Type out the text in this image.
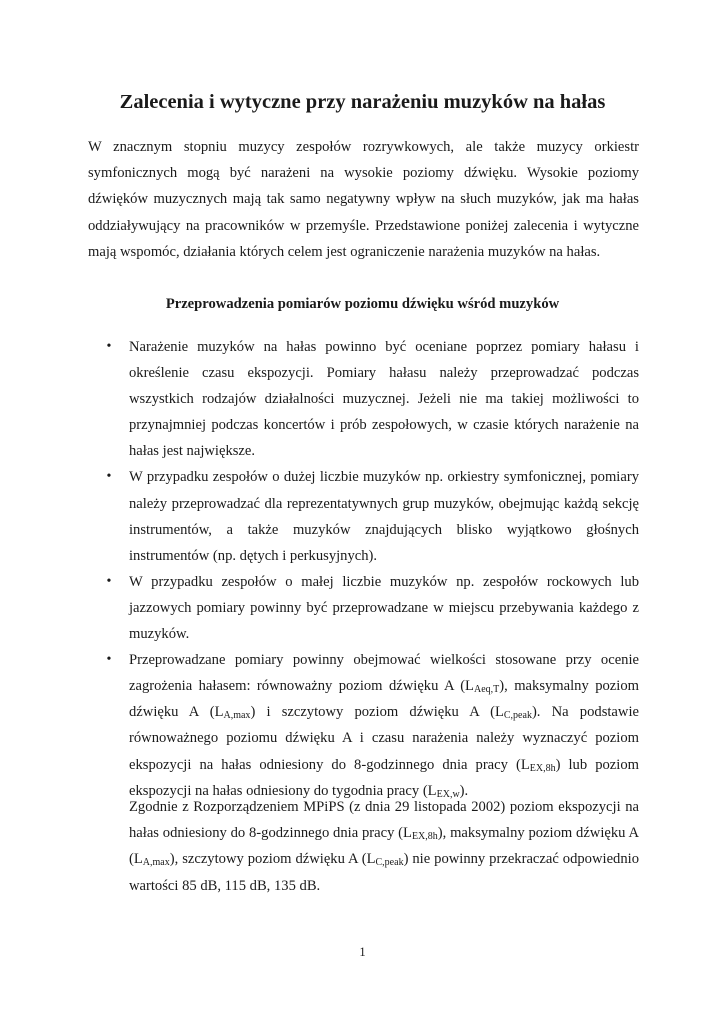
Zalecenia i wytyczne przy narażeniu muzyków na hałas

W znacznym stopniu muzycy zespołów rozrywkowych, ale także muzycy orkiestr symfonicznych mogą być narażeni na wysokie poziomy dźwięku. Wysokie poziomy dźwięków muzycznych mają tak samo negatywny wpływ na słuch muzyków, jak ma hałas oddziaływujący na pracowników w przemyśle. Przedstawione poniżej zalecenia i wytyczne mają wspomóc, działania których celem jest ograniczenie narażenia muzyków na hałas.

Przeprowadzenia pomiarów poziomu dźwięku wśród muzyków
• Narażenie muzyków na hałas powinno być oceniane poprzez pomiary hałasu i określenie czasu ekspozycji. Pomiary hałasu należy przeprowadzać podczas wszystkich rodzajów działalności muzycznej. Jeżeli nie ma takiej możliwości to przynajmniej podczas koncertów i prób zespołowych, w czasie których narażenie na hałas jest największe.
• W przypadku zespołów o dużej liczbie muzyków np. orkiestry symfonicznej, pomiary należy przeprowadzać dla reprezentatywnych grup muzyków, obejmując każdą sekcję instrumentów, a także muzyków znajdujących blisko wyjątkowo głośnych instrumentów (np. dętych i perkusyjnych).
• W przypadku zespołów o małej liczbie muzyków np. zespołów rockowych lub jazzowych pomiary powinny być przeprowadzane w miejscu przebywania każdego z muzyków.
• Przeprowadzane pomiary powinny obejmować wielkości stosowane przy ocenie zagrożenia hałasem: równoważny poziom dźwięku A $(L_{Aeq,T})$, maksymalny poziom dźwięku A $(L_{A,max})$ i szczytowy poziom dźwięku A $(L_{C,peak})$. Na podstawie równoważnego poziomu dźwięku A i czasu narażenia należy wyznaczyć poziom ekspozycji na hałas odniesiony do 8-godzinnego dnia pracy $(L_{EX,8h})$ lub poziom ekspozycji na hałas odniesiony do tygodnia pracy $(L_{EX,w})$.

Zgodnie z Rozporządzeniem MPiPS (z dnia 29 listopada 2002) poziom ekspozycji na hałas odniesiony do 8-godzinnego dnia pracy $(L_{EX,8h})$, maksymalny poziom dźwięku A $(L_{A,max})$, szczytowy poziom dźwięku A $(L_{C,peak})$ nie powinny przekraczać odpowiednio wartości 85 dB, 115 dB, 135 dB.

1
